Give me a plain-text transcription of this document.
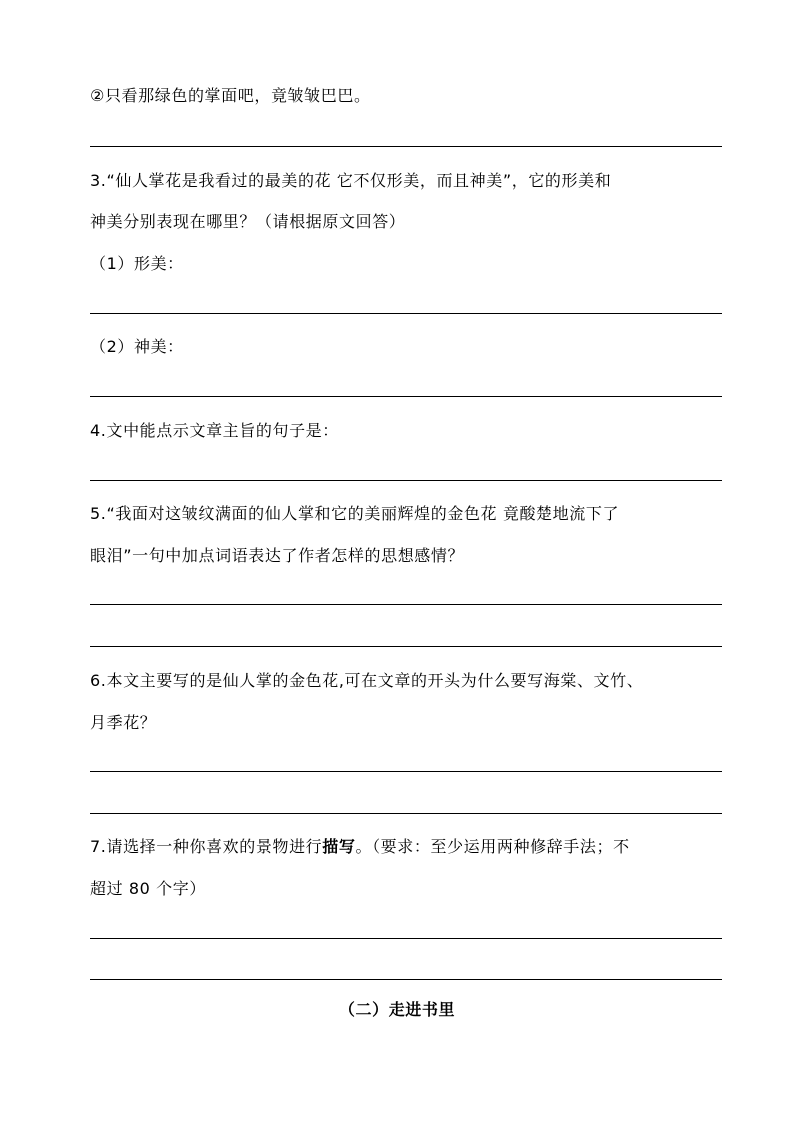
②只看那绿色的掌面吧，竟皱皱巴巴。
3.“仙人掌花是我看过的最美的花 它不仅形美，而且神美”，它的形美和
神美分别表现在哪里？（请根据原文回答）
（1）形美：
（2）神美：
4.文中能点示文章主旨的句子是：
5.“我面对这皱纹满面的仙人掌和它的美丽辉煌的金色花 竟酸楚地流下了
眼泪”一句中加点词语表达了作者怎样的思想感情？
6.本文主要写的是仙人掌的金色花,可在文章的开头为什么要写海棠、文竹、
月季花？
7.请选择一种你喜欢的景物进行描写。（要求：至少运用两种修辞手法；不
超过 80 个字）
（二）走进书里
